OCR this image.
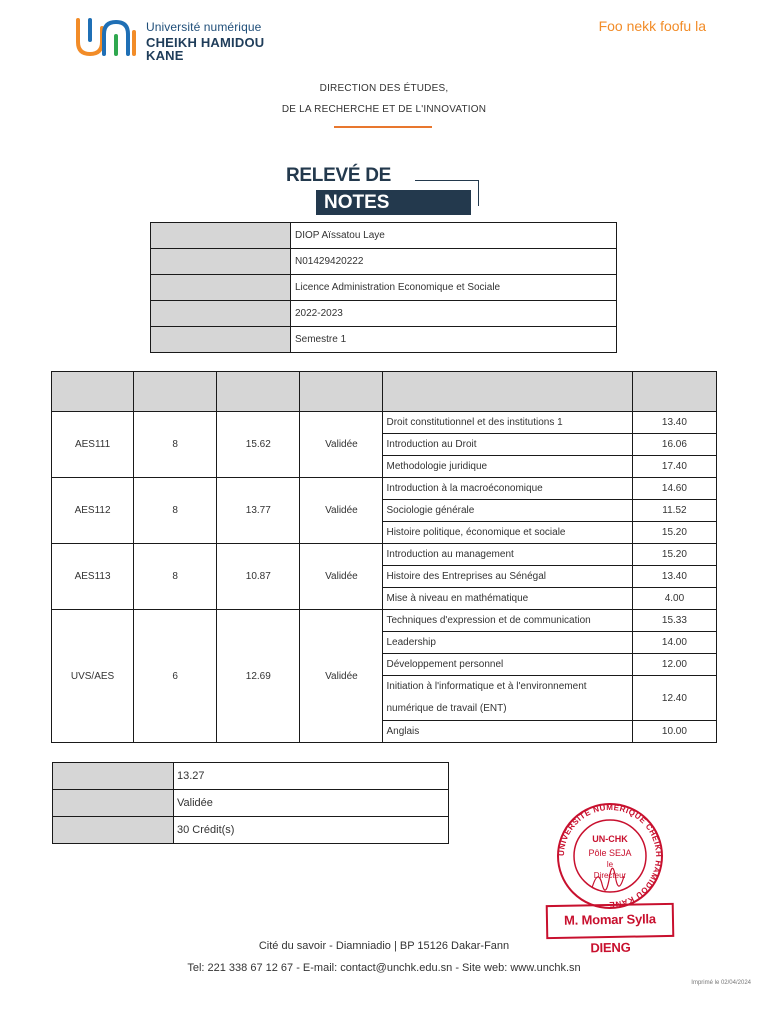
Université numérique
CHEIKH HAMIDOU KANE
Foo nekk foofu la
DIRECTION DES ÉTUDES,
DE LA RECHERCHE ET DE L'INNOVATION
RELEVÉ DE
NOTES
	DIOP Aïssatou Laye
	N01429420222
	Licence Administration Economique et Sociale
	2022-2023
	Semestre 1

AES111	8	15.62	Validée	Droit constitutionnel et des institutions 1	13.40
				Introduction au Droit	16.06
				Methodologie juridique	17.40
AES112	8	13.77	Validée	Introduction à la macroéconomique	14.60
				Sociologie générale	11.52
				Histoire politique, économique et sociale	15.20
AES113	8	10.87	Validée	Introduction au management	15.20
				Histoire des Entreprises au Sénégal	13.40
				Mise à niveau en mathématique	4.00
UVS/AES	6	12.69	Validée	Techniques d'expression et de communication	15.33
				Leadership	14.00
				Développement personnel	12.00
				Initiation à l'informatique et à l'environnement numérique de travail (ENT)	12.40
				Anglais	10.00
	13.27
	Validée
	30 Crédit(s)
UNIVERSITE NUMERIQUE CHEIKH HAMIDOU KANE
UN-CHK
Pôle SEJA
le
Directeur
M. Momar Sylla DIENG
Cité du savoir - Diamniadio | BP 15126 Dakar-Fann
Tel: 221 338 67 12 67 - E-mail: contact@unchk.edu.sn - Site web: www.unchk.sn
Imprimé le 02/04/2024
